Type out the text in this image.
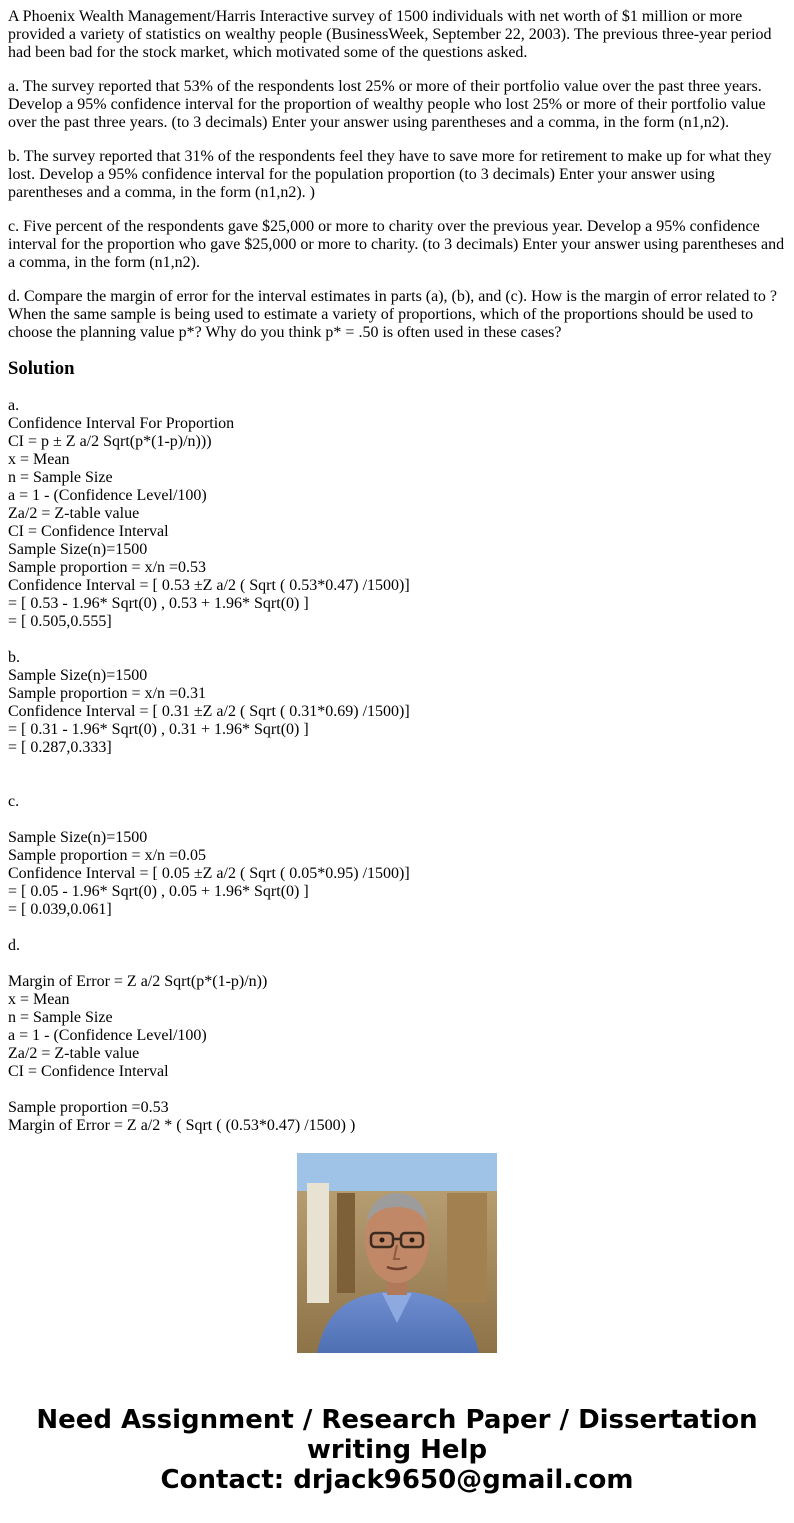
A Phoenix Wealth Management/Harris Interactive survey of 1500 individuals with net worth of $1 million or more provided a variety of statistics on wealthy people (BusinessWeek, September 22, 2003). The previous three-year period had been bad for the stock market, which motivated some of the questions asked.

a. The survey reported that 53% of the respondents lost 25% or more of their portfolio value over the past three years. Develop a 95% confidence interval for the proportion of wealthy people who lost 25% or more of their portfolio value over the past three years. (to 3 decimals) Enter your answer using parentheses and a comma, in the form (n1,n2).

b. The survey reported that 31% of the respondents feel they have to save more for retirement to make up for what they lost. Develop a 95% confidence interval for the population proportion (to 3 decimals) Enter your answer using parentheses and a comma, in the form (n1,n2). )

c. Five percent of the respondents gave $25,000 or more to charity over the previous year. Develop a 95% confidence interval for the proportion who gave $25,000 or more to charity. (to 3 decimals) Enter your answer using parentheses and a comma, in the form (n1,n2).

d. Compare the margin of error for the interval estimates in parts (a), (b), and (c). How is the margin of error related to ? When the same sample is being used to estimate a variety of proportions, which of the proportions should be used to choose the planning value p*? Why do you think p* = .50 is often used in these cases?

Solution
a.
Confidence Interval For Proportion
CI = p ± Z a/2 Sqrt(p*(1-p)/n)))
x = Mean
n = Sample Size
a = 1 - (Confidence Level/100)
Za/2 = Z-table value
CI = Confidence Interval
Sample Size(n)=1500
Sample proportion = x/n =0.53
Confidence Interval = [ 0.53 ±Z a/2 ( Sqrt ( 0.53*0.47) /1500)]
= [ 0.53 - 1.96* Sqrt(0) , 0.53 + 1.96* Sqrt(0) ]
= [ 0.505,0.555]
b.
Sample Size(n)=1500
Sample proportion = x/n =0.31
Confidence Interval = [ 0.31 ±Z a/2 ( Sqrt ( 0.31*0.69) /1500)]
= [ 0.31 - 1.96* Sqrt(0) , 0.31 + 1.96* Sqrt(0) ]
= [ 0.287,0.333]
c.
Sample Size(n)=1500
Sample proportion = x/n =0.05
Confidence Interval = [ 0.05 ±Z a/2 ( Sqrt ( 0.05*0.95) /1500)]
= [ 0.05 - 1.96* Sqrt(0) , 0.05 + 1.96* Sqrt(0) ]
= [ 0.039,0.061]
d.
Margin of Error = Z a/2 Sqrt(p*(1-p)/n))
x = Mean
n = Sample Size
a = 1 - (Confidence Level/100)
Za/2 = Z-table value
CI = Confidence Interval
Sample proportion =0.53
Margin of Error = Z a/2 * ( Sqrt ( (0.53*0.47) /1500) )
Need Assignment / Research Paper / Dissertation
writing Help
Contact: drjack9650@gmail.com
